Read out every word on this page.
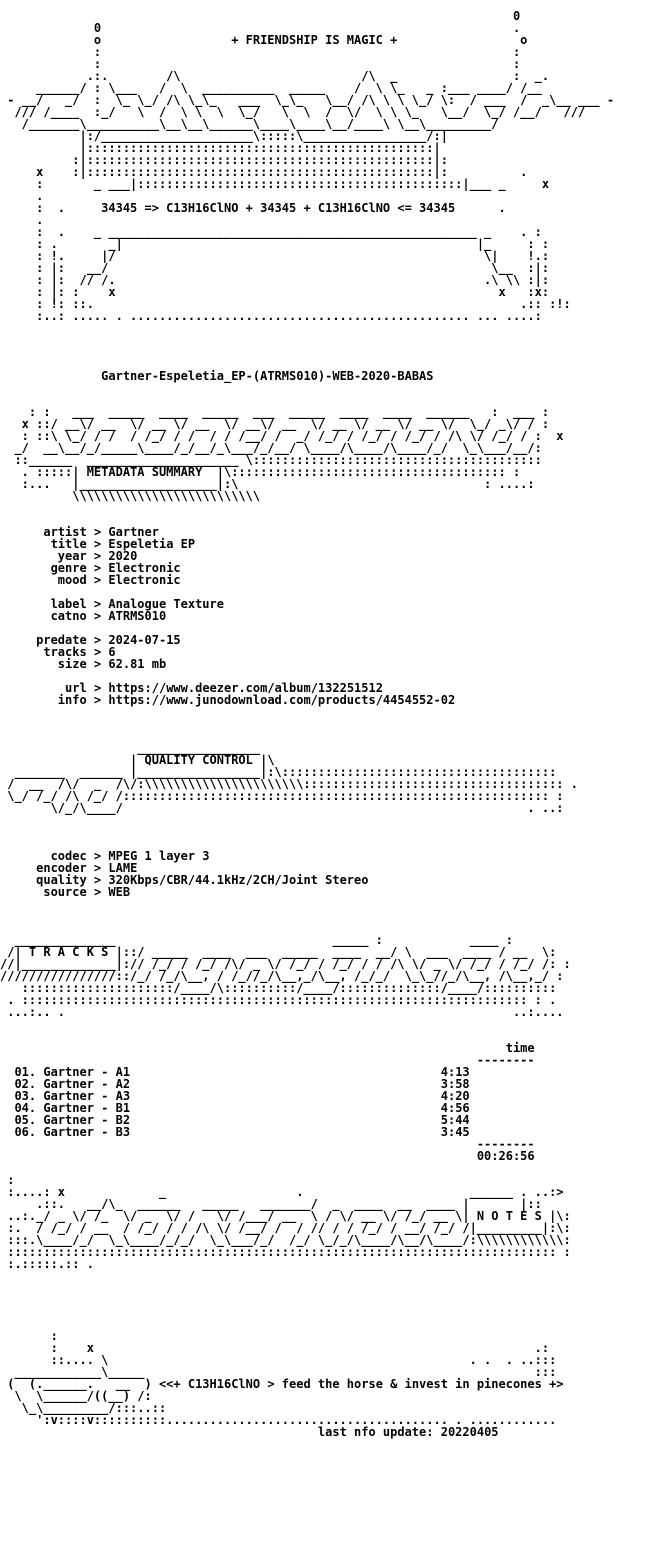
0
0                                                         .
o	+ FRIENDSHIP IS MAGIC +	o
:                                                         :
:                                                         :
.:.        /\                         /\  _                :  _.
______/ : \___   /  \  __________  _____    /  \ \_   _ :___ ____/ /__
- __/   _/  :  \_ \_/ /\ \_\_   ___  \_\_   \__/ /\ \ \ \_/ \:  / ___  /  _\__ ___ -
/// /____  :_/   \  /  \ \  \  \_/   \  \  /  \/  \ \ \_   \__/  \_/ /__/   ///
/_______\__________\__\__\______\____\____\__/____\ \__\_________/
|:/_____________________\:::::\_________________/:|
|::::::::::::::::::::::::::::::::::::::::::::::::|
:|::::::::::::::::::::::::::::::::::::::::::::::::|:
x    :|::::::::::::::::::::::::::::::::::::::::::::::::|:          .
:       _ ___|:::::::::::::::::::::::::::::::::::::::::::::|___ _     x
.
:  .	34345 => C13H16ClNO + 34345 + C13H16ClNO <= 34345	.
.
:  .    _ ___________________________________________________ _    . :
: .       _|                                                 |_     : :
: !.     |/                                                   \|    !.:
: |:   __/                                                     \__  :|:
: |:  // /.                                                   .\ \\ :|:
: |: :    x                                                     x   :x:
: !: ::.                                                           .:: :!:
:..: ..... . ............................................... ... ....:
Gartner-Espeletia_EP-(ATRMS010)-WEB-2020-BABAS
: :   ___  _____  ____  _____  ___  _____  ____  ____  ______   :  ___ :
x ::/ __\/ __  \/ __ \/ __  \/ __\/ __  \/ __ \/ __ \/ __ \/  \_/ _\/ / :
: ::\ \_/ / /  / /_/ / /  / / /__/ /  _/ /_/ / /_/ / /_/ / /\ \/ /_/ / :  x
_/  __\__/_/_____\____/_/__/_\___/_/__/ \____/\____/\____/_/  \_\___/__/:
::______  _____________________ \::::::::::::::::::::::::::::::::::::::::
. :::::| METADATA SUMMARY  |\:::::::::::::::::::::::::::::::::::::: :
:...   |___________________|:\                                  : ....:
\\\\\\\\\\\\\\\\\\\\\\\\\\
artist > Gartner
title > Espeletia EP
year > 2020
genre > Electronic
mood > Electronic

label > Analogue Texture
catno > ATRMS010

predate > 2024-07-15
tracks > 6
size > 62.81 mb

url > https://www.deezer.com/album/132251512
info > https://www.junodownload.com/products/4454552-02
_________________
| QUALITY CONTROL |\
_______  ______ |_________________|:\::::::::::::::::::::::::::::::::::::::
/  __  /\/  _  /\/:\\\\\\\\\\\\\\\\\\\\\\:::::::::::::::::::::::::::::::::::: .
\_/ /_/ /\ /_/ /::::::::::::::::::::::::::::::::::::::::::::::::::::::::::: :
\/_/\____/                                                        . ..:
codec > MPEG 1 layer 3
encoder > LAME
quality > 320Kbps/CBR/44.1kHz/2CH/Joint Stereo
source > WEB
______________                              _____ :            ____ :
/| T R A C K S |::/ _____  ____  ___  _____  ____  __/ \  ___  ____ / __  \:
//|_____________|:// /_/ / /_/ /\/ _ \/ /_/ / /_/ / / /\ \/ _ \/ /_/ / /_/ /: :
////////////////::/_/ /_/\__, / /_//_/\__,_/\__, /_/_/  \_\_//_/\__, /\__,_/ :
:::::::::::::::::::::/____/\::::::::::/____/::::::::::::::/____/::::::::::
. :::::::::::::::::::::::::::::::::::::::::::::::::::::::::::::::::::::: : .
...:.. .                                                              ..:....
time
--------
01. Gartner - A1	4:13
02. Gartner - A2	3:58
03. Gartner - A3	4:20
04. Gartner - B1	4:56
05. Gartner - B2	5:44
06. Gartner - B3	3:45
--------
00:26:56
:
:....: x             _                  .                       ______ . ..:>
.::.   __/\_  ______   _____   _______/  _  ____  __  ____ |       |::
..:._/ _ \/ /_  \/ _  \/ /   \/ /___/ __  \ / \/ __ \/ /_/ __ \| N O T E S |\:
:.  / /_/ / __  / /_/ / / /\ \/ /__/ /  / // / / /_/ / __/ /_/ /|_________|:\:
:::.\____/_/  \_\____/_/_/  \_\___/_/  /_/ \_/_/\____/\__/\____/:\\\\\\\\\\\\:
:::::::::::::::::::::::::::::::::::::::::::::::::::::::::::::::::::::::::::: :
:.:::::.:: .
:
:    x                                                             .:
::.... \                                                  . .  . ..:::
____________\_____                                                      :::
(  (.______.   __  ) <<+ C13H16ClNO > feed the horse & invest in pinecones +>
\  \______/((__) /:
\_\_________/:::..::
':v::::v::::::::::....................................... . ............
last nfo update: 20220405
